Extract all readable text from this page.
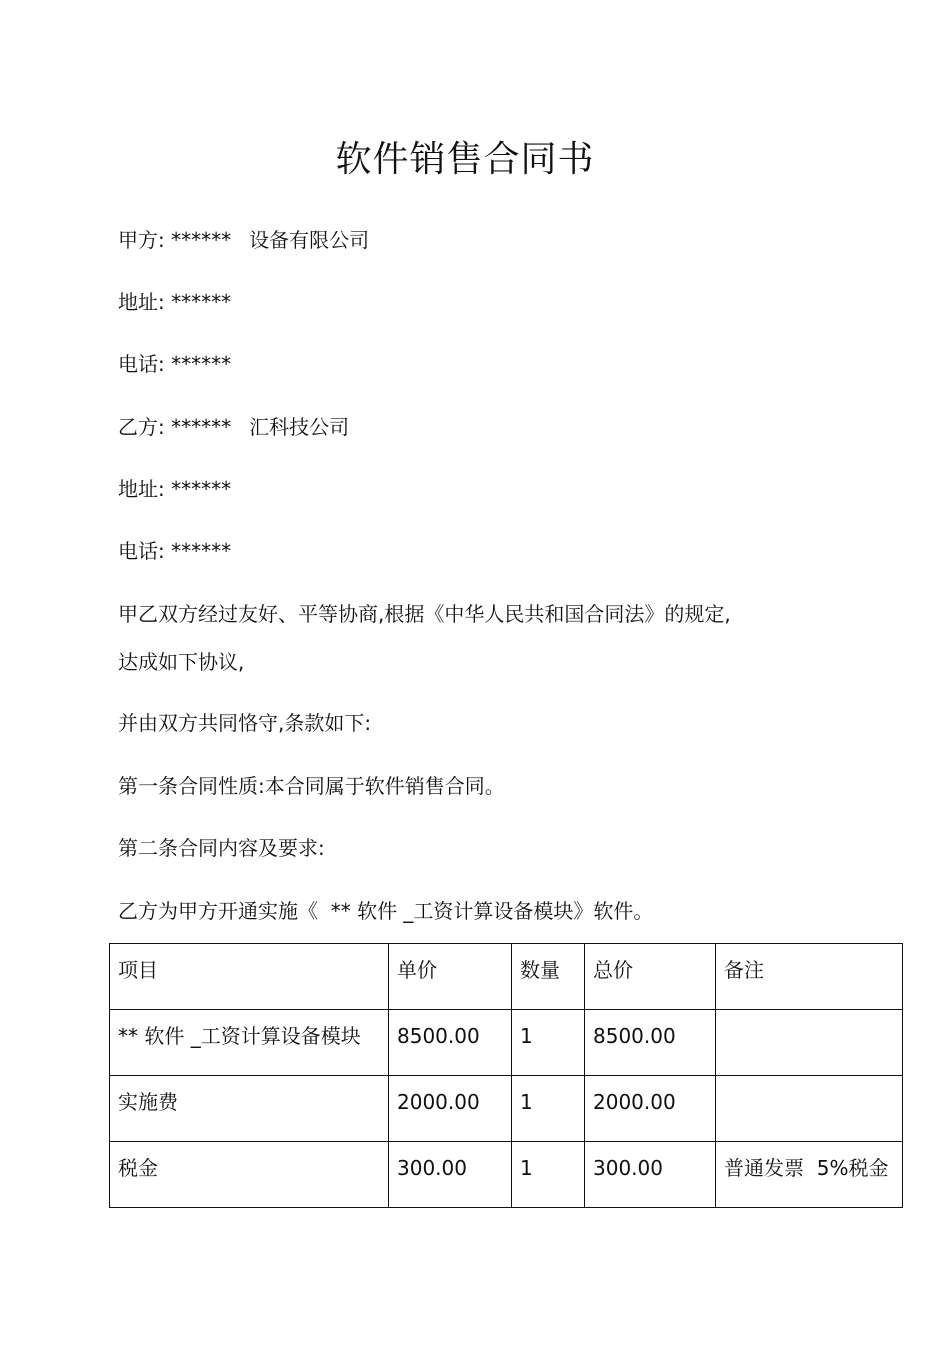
软件销售合同书
甲方: ****** 设备有限公司
地址: ******
电话: ******
乙方: ****** 汇科技公司
地址: ******
电话: ******
甲乙双方经过友好、平等协商,根据《中华人民共和国合同法》的规定,
达成如下协议,
并由双方共同恪守,条款如下:
第一条合同性质:本合同属于软件销售合同。
第二条合同内容及要求:
乙方为甲方开通实施《  ** 软件 _工资计算设备模块》软件。
项目	单价	数量	总价	备注

** 软件 _工资计算设备模块	8500.00	1	8500.00	

实施费	2000.00	1	2000.00	

税金	300.00	1	300.00	普通发票  5%税金
